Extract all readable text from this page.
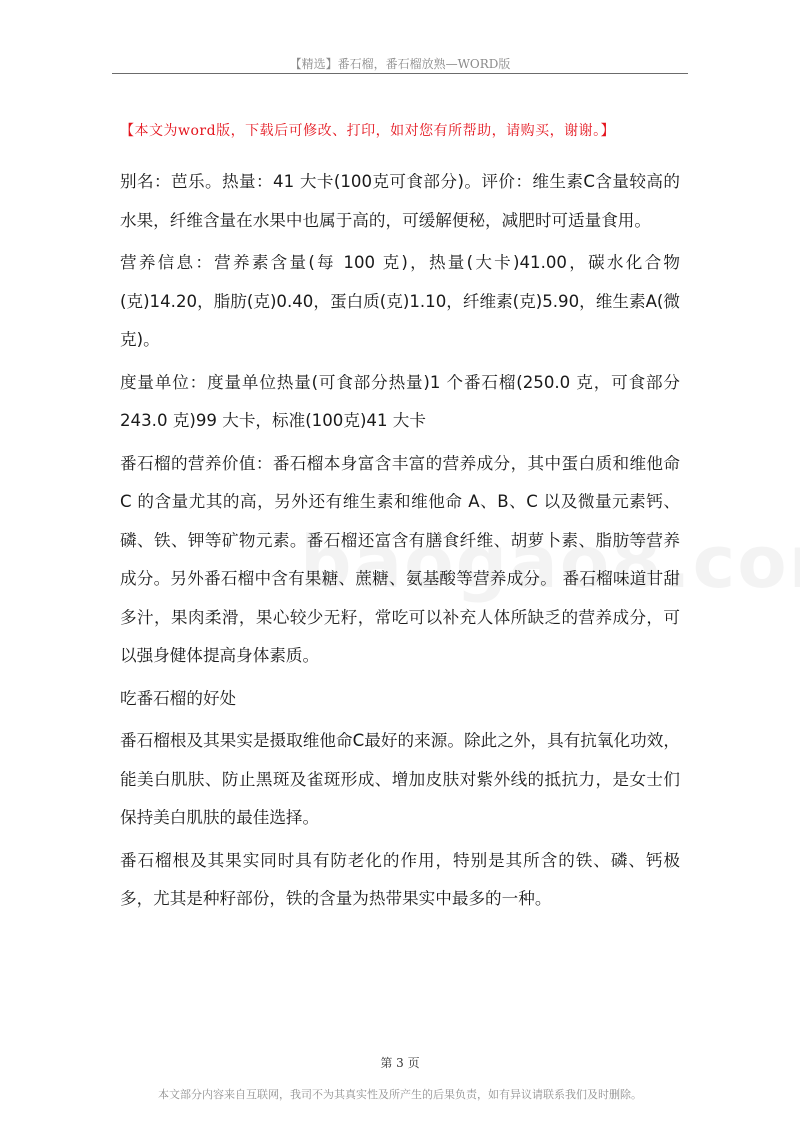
【精选】番石榴，番石榴放熟—WORD版
【本文为word版，下载后可修改、打印，如对您有所帮助，请购买，谢谢。】

别名：芭乐。热量：41 大卡(100克可食部分)。评价：维生素C含量较高的水果，纤维含量在水果中也属于高的，可缓解便秘，减肥时可适量食用。

营养信息：营养素含量(每 100 克)，热量(大卡)41.00，碳水化合物(克)14.20，脂肪(克)0.40，蛋白质(克)1.10，纤维素(克)5.90，维生素A(微克)。

度量单位：度量单位热量(可食部分热量)1 个番石榴(250.0 克，可食部分 243.0 克)99 大卡，标准(100克)41 大卡

番石榴的营养价值：番石榴本身富含丰富的营养成分，其中蛋白质和维他命 C 的含量尤其的高，另外还有维生素和维他命 A、B、C 以及微量元素钙、磷、铁、钾等矿物元素。番石榴还富含有膳食纤维、胡萝卜素、脂肪等营养成分。另外番石榴中含有果糖、蔗糖、氨基酸等营养成分。 番石榴味道甘甜多汁，果肉柔滑，果心较少无籽，常吃可以补充人体所缺乏的营养成分，可以强身健体提高身体素质。

吃番石榴的好处

番石榴根及其果实是摄取维他命C最好的来源。除此之外，具有抗氧化功效，能美白肌肤、防止黑斑及雀斑形成、增加皮肤对紫外线的抵抗力，是女士们保持美白肌肤的最佳选择。

番石榴根及其果实同时具有防老化的作用，特别是其所含的铁、磷、钙极多，尤其是种籽部份，铁的含量为热带果实中最多的一种。

第 3 页
本文部分内容来自互联网，我司不为其真实性及所产生的后果负责，如有异议请联系我们及时删除。
